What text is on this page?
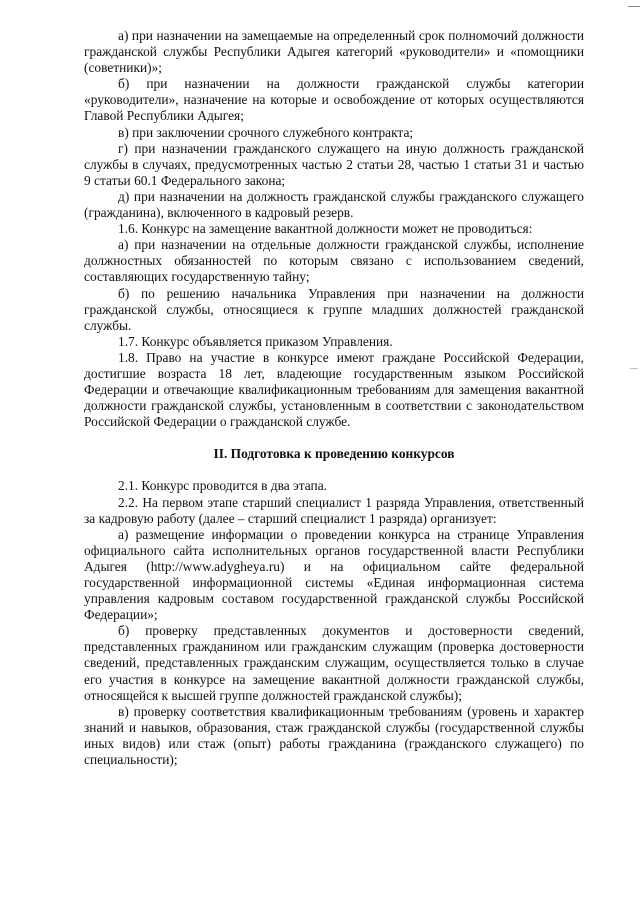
а) при назначении на замещаемые на определенный срок полномочий должности гражданской службы Республики Адыгея категорий «руководители» и «помощники (советники)»;

б) при назначении на должности гражданской службы категории «руководители», назначение на которые и освобождение от которых осуществляются Главой Республики Адыгея;

в) при заключении срочного служебного контракта;

г) при назначении гражданского служащего на иную должность гражданской службы в случаях, предусмотренных частью 2 статьи 28, частью 1 статьи 31 и частью 9 статьи 60.1 Федерального закона;

д) при назначении на должность гражданской службы гражданского служащего (гражданина), включенного в кадровый резерв.

1.6. Конкурс на замещение вакантной должности может не проводиться:

а) при назначении на отдельные должности гражданской службы, исполнение должностных обязанностей по которым связано с использованием сведений, составляющих государственную тайну;

б) по решению начальника Управления при назначении на должности гражданской службы, относящиеся к группе младших должностей гражданской службы.

1.7. Конкурс объявляется приказом Управления.

1.8. Право на участие в конкурсе имеют граждане Российской Федерации, достигшие возраста 18 лет, владеющие государственным языком Российской Федерации и отвечающие квалификационным требованиям для замещения вакантной должности гражданской службы, установленным в соответствии с законодательством Российской Федерации о гражданской службе.

II. Подготовка к проведению конкурсов

2.1. Конкурс проводится в два этапа.

2.2. На первом этапе старший специалист 1 разряда Управления, ответственный за кадровую работу (далее – старший специалист 1 разряда) организует:

а) размещение информации о проведении конкурса на странице Управления официального сайта исполнительных органов государственной власти Республики Адыгея (http://www.adygheya.ru) и на официальном сайте федеральной государственной информационной системы «Единая информационная система управления кадровым составом государственной гражданской службы Российской Федерации»;

б) проверку представленных документов и достоверности сведений, представленных гражданином или гражданским служащим (проверка достоверности сведений, представленных гражданским служащим, осуществляется только в случае его участия в конкурсе на замещение вакантной должности гражданской службы, относящейся к высшей группе должностей гражданской службы);

в) проверку соответствия квалификационным требованиям (уровень и характер знаний и навыков, образования, стаж гражданской службы (государственной службы иных видов) или стаж (опыт) работы гражданина (гражданского служащего) по специальности);
